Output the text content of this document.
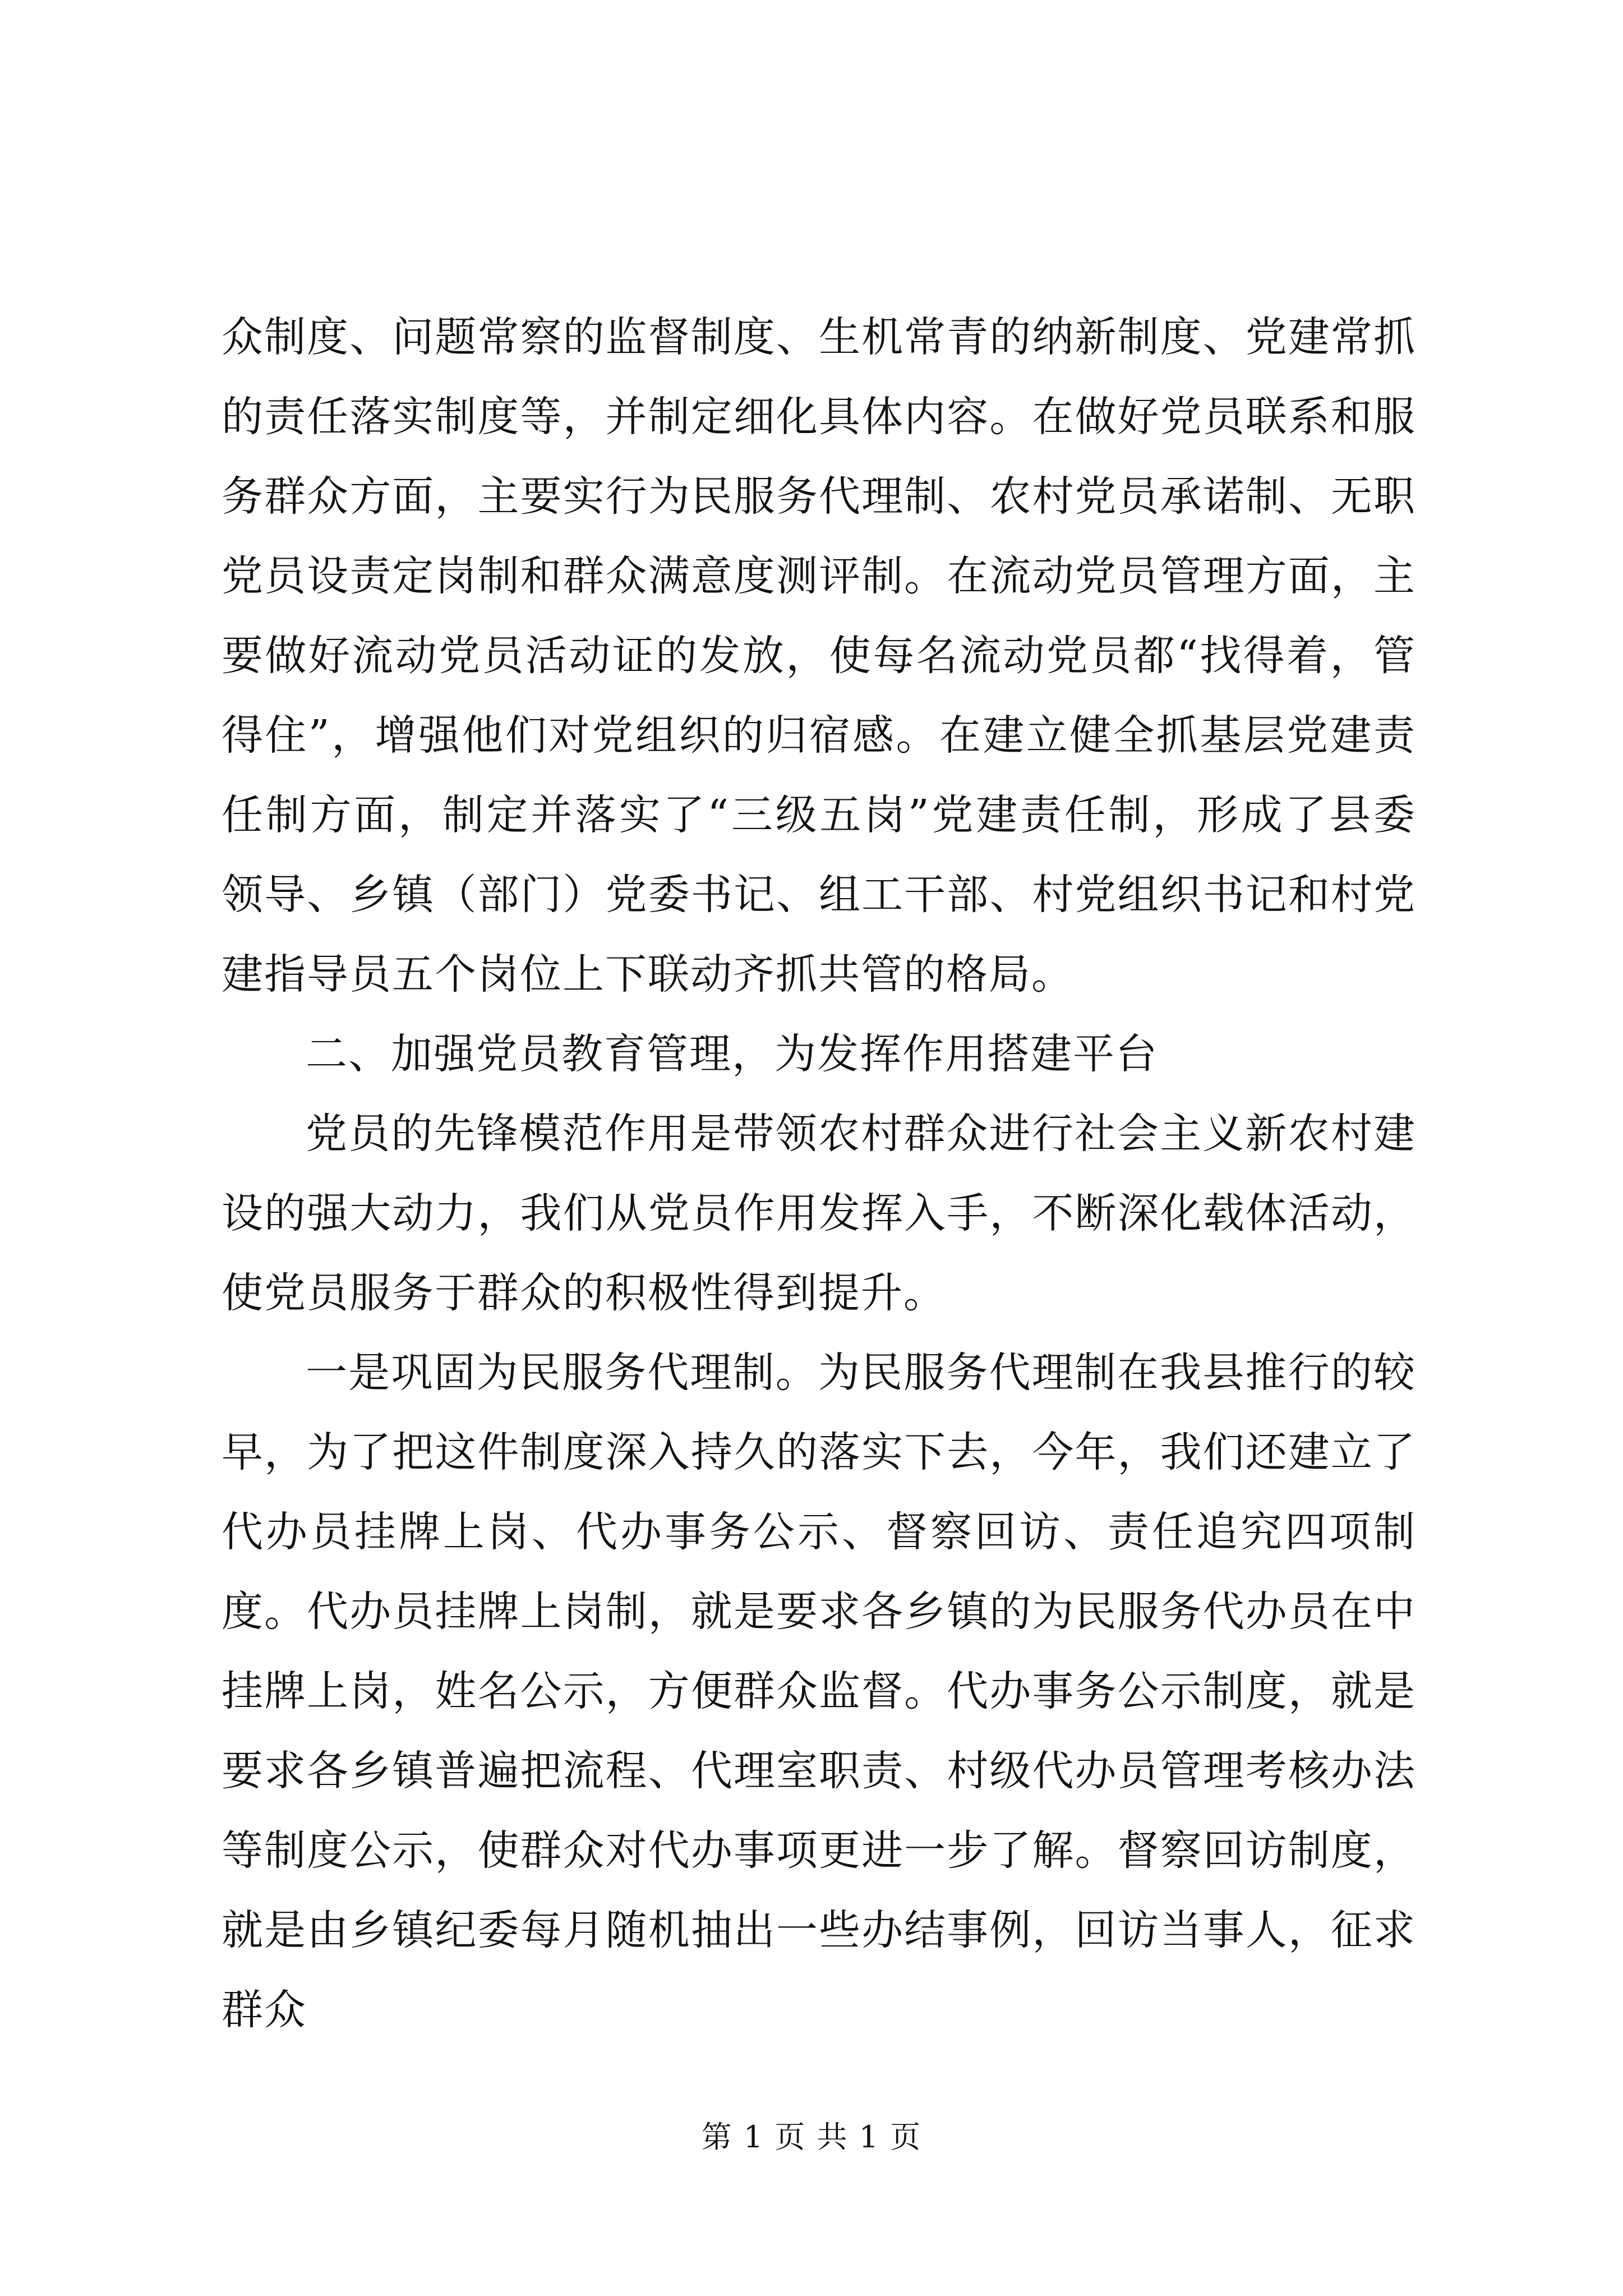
众制度、问题常察的监督制度、生机常青的纳新制度、党建常抓的责任落实制度等，并制定细化具体内容。在做好党员联系和服务群众方面，主要实行为民服务代理制、农村党员承诺制、无职党员设责定岗制和群众满意度测评制。在流动党员管理方面，主要做好流动党员活动证的发放，使每名流动党员都“找得着，管得住”，增强他们对党组织的归宿感。在建立健全抓基层党建责任制方面，制定并落实了“三级五岗”党建责任制，形成了县委领导、乡镇（部门）党委书记、组工干部、村党组织书记和村党建指导员五个岗位上下联动齐抓共管的格局。

二、加强党员教育管理，为发挥作用搭建平台

党员的先锋模范作用是带领农村群众进行社会主义新农村建设的强大动力，我们从党员作用发挥入手，不断深化载体活动，使党员服务于群众的积极性得到提升。

一是巩固为民服务代理制。为民服务代理制在我县推行的较早，为了把这件制度深入持久的落实下去，今年，我们还建立了代办员挂牌上岗、代办事务公示、督察回访、责任追究四项制度。代办员挂牌上岗制，就是要求各乡镇的为民服务代办员在中挂牌上岗，姓名公示，方便群众监督。代办事务公示制度，就是要求各乡镇普遍把流程、代理室职责、村级代办员管理考核办法等制度公示，使群众对代办事项更进一步了解。督察回访制度，就是由乡镇纪委每月随机抽出一些办结事例，回访当事人，征求群众

第 1 页 共 1 页
